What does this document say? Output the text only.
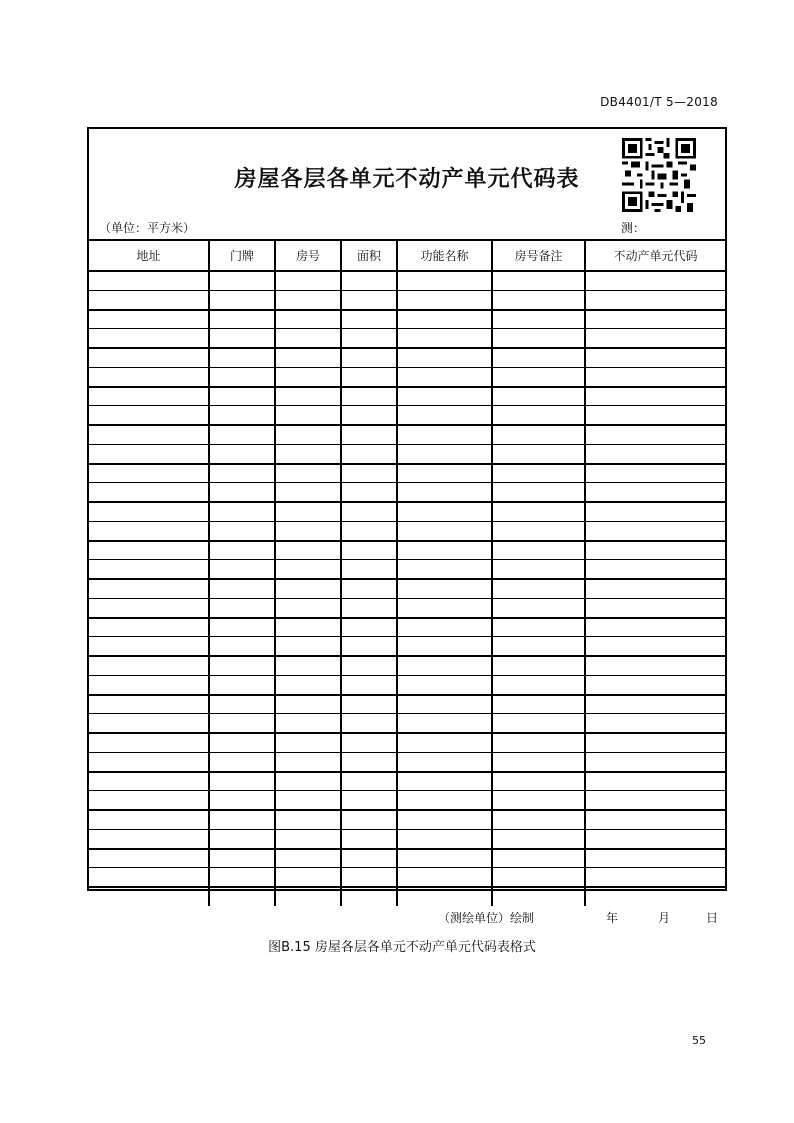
DB4401/T 5—2018
房屋各层各单元不动产单元代码表
（单位：平方米）	测：
地址	门牌	房号	面积	功能名称	房号备注	不动产单元代码

（测绘单位）绘制	年	月	日
图B.15 房屋各层各单元不动产单元代码表格式
55
